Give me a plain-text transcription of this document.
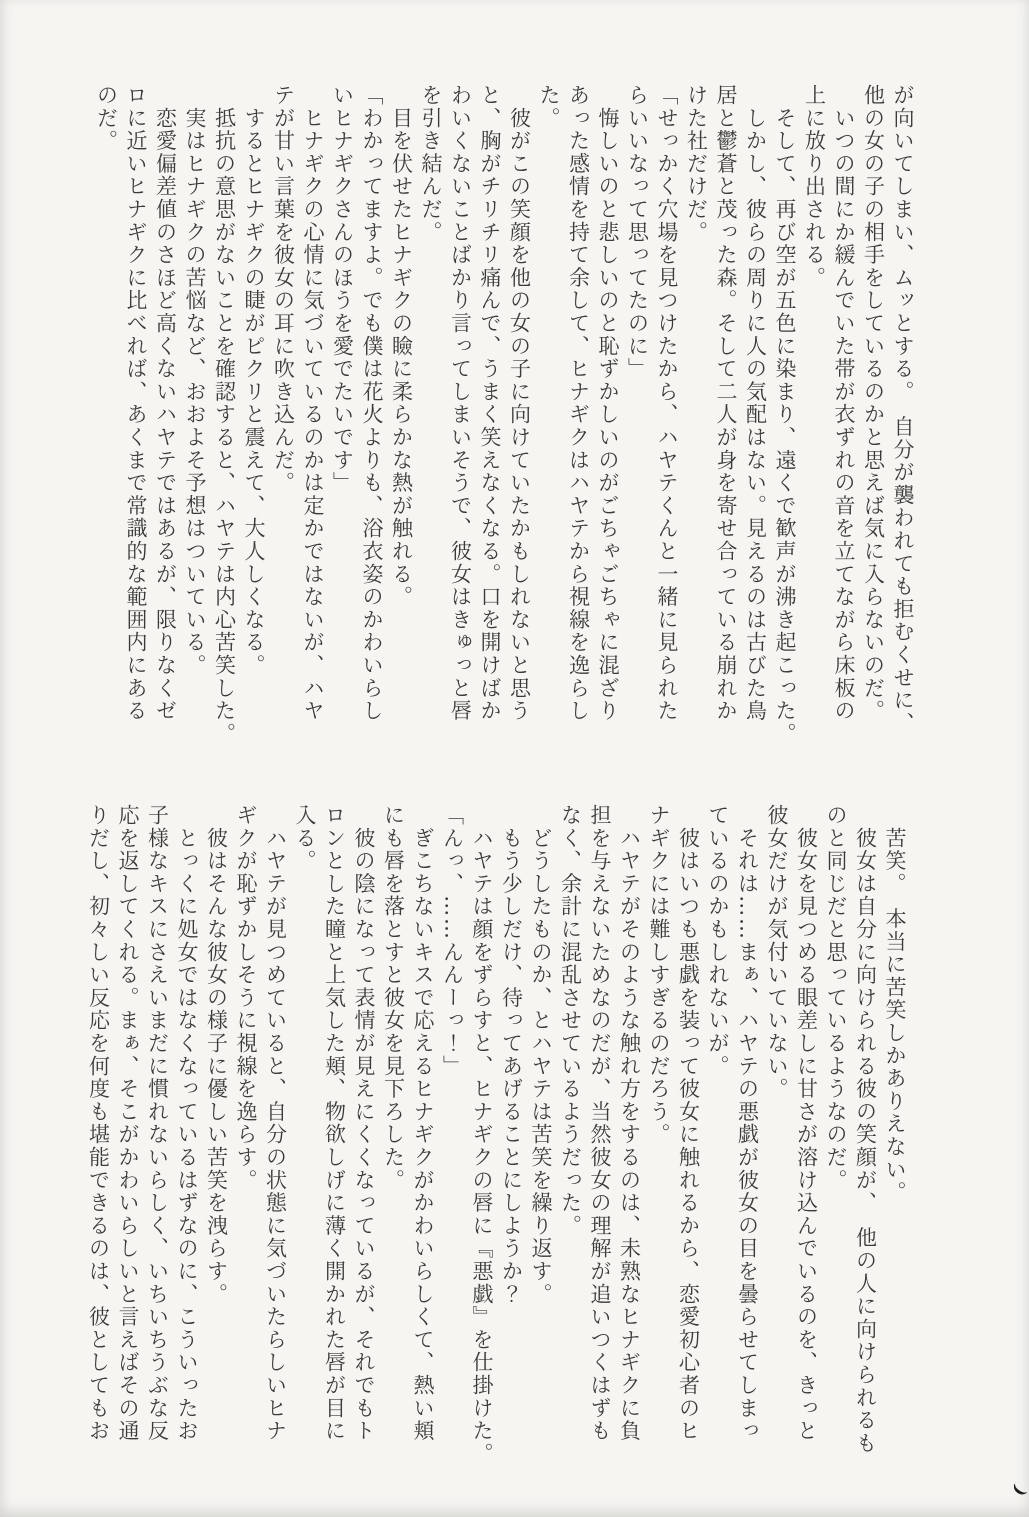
が向いてしまい、ムッとする。　自分が襲われても拒むくせに、
他の女の子の相手をしているのかと思えば気に入らないのだ。
　いつの間にか緩んでいた帯が衣ずれの音を立てながら床板の
上に放り出される。
　そして、再び空が五色に染まり、遠くで歓声が沸き起こった。
　しかし、彼らの周りに人の気配はない。見えるのは古びた鳥
居と鬱蒼と茂った森。そして二人が身を寄せ合っている崩れか
けた社だけだ。
「せっかく穴場を見つけたから、ハヤテくんと一緒に見られた
らいいなって思ってたのに」
　悔しいのと悲しいのと恥ずかしいのがごちゃごちゃに混ざり
あった感情を持て余して、ヒナギクはハヤテから視線を逸らし
た。
　彼がこの笑顔を他の女の子に向けていたかもしれないと思う
と、胸がチリチリ痛んで、うまく笑えなくなる。口を開けばか
わいくないことばかり言ってしまいそうで、彼女はきゅっと唇
を引き結んだ。
　目を伏せたヒナギクの瞼に柔らかな熱が触れる。
「わかってますよ。でも僕は花火よりも、浴衣姿のかわいらし
いヒナギクさんのほうを愛でたいです」
　ヒナギクの心情に気づいているのかは定かではないが、ハヤ
テが甘い言葉を彼女の耳に吹き込んだ。
　するとヒナギクの睫がピクリと震えて、大人しくなる。
　抵抗の意思がないことを確認すると、ハヤテは内心苦笑した。
　実はヒナギクの苦悩など、おおよそ予想はついている。
　恋愛偏差値のさほど高くないハヤテではあるが、限りなくゼ
ロに近いヒナギクに比べれば、あくまで常識的な範囲内にある
のだ。
　苦笑。　本当に苦笑しかありえない。
　彼女は自分に向けられる彼の笑顔が、　他の人に向けられるも
のと同じだと思っているようなのだ。
　彼女を見つめる眼差しに甘さが溶け込んでいるのを、きっと
彼女だけが気付いていない。
　それは……まぁ、ハヤテの悪戯が彼女の目を曇らせてしまっ
ているのかもしれないが。
　彼はいつも悪戯を装って彼女に触れるから、恋愛初心者のヒ
ナギクには難しすぎるのだろう。
　ハヤテがそのような触れ方をするのは、未熟なヒナギクに負
担を与えないためなのだが、当然彼女の理解が追いつくはずも
なく、余計に混乱させているようだった。
　どうしたものか、とハヤテは苦笑を繰り返す。
　もう少しだけ、待ってあげることにしようか？
　ハヤテは顔をずらすと、ヒナギクの唇に『悪戯』を仕掛けた。
「んっ、……んんーっ！」
　ぎこちないキスで応えるヒナギクがかわいらしくて、熱い頬
にも唇を落とすと彼女を見下ろした。
　彼の陰になって表情が見えにくくなっているが、それでもト
ロンとした瞳と上気した頬、物欲しげに薄く開かれた唇が目に
入る。
　ハヤテが見つめていると、自分の状態に気づいたらしいヒナ
ギクが恥ずかしそうに視線を逸らす。
　彼はそんな彼女の様子に優しい苦笑を洩らす。
　とっくに処女ではなくなっているはずなのに、こういったお
子様なキスにさえいまだに慣れないらしく、いちいちうぶな反
応を返してくれる。まぁ、そこがかわいらしいと言えばその通
りだし、初々しい反応を何度も堪能できるのは、彼としてもお
(
